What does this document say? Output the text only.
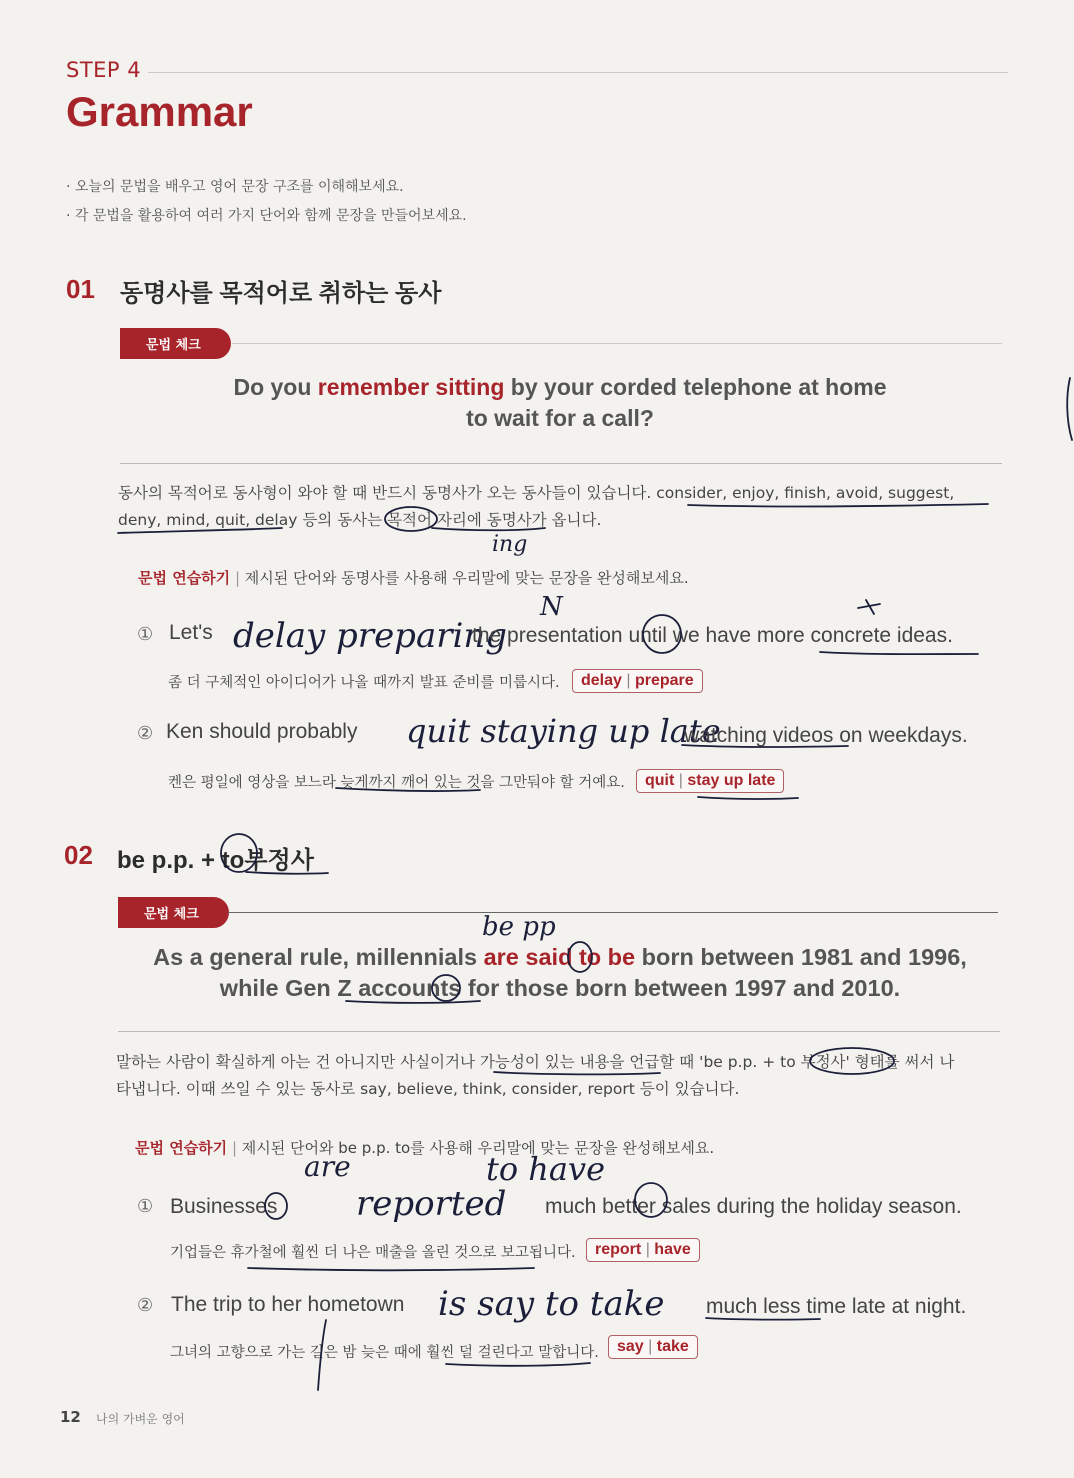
STEP 4
Grammar
· 오늘의 문법을 배우고 영어 문장 구조를 이해해보세요.
· 각 문법을 활용하여 여러 가지 단어와 함께 문장을 만들어보세요.
01 동명사를 목적어로 취하는 동사
문법 체크
Do you remember sitting by your corded telephone at home
to wait for a call?
동사의 목적어로 동사형이 와야 할 때 반드시 동명사가 오는 동사들이 있습니다. consider, enjoy, finish, avoid, suggest,
deny, mind, quit, delay 등의 동사는 목적어 자리에 동명사가 옵니다.
문법 연습하기 | 제시된 단어와 동명사를 사용해 우리말에 맞는 문장을 완성해보세요.
① Let's delay preparing
the presentation until we have more concrete ideas.
좀 더 구체적인 아이디어가 나올 때까지 발표 준비를 미룹시다.	delay | prepare
② Ken should probably quit staying up late
watching videos on weekdays.
켄은 평일에 영상을 보느라 늦게까지 깨어 있는 것을 그만둬야 할 거예요.	quit | stay up late
02 be p.p. + to부정사
문법 체크
As a general rule, millennials are said to be born between 1981 and 1996,
while Gen Z accounts for those born between 1997 and 2010.
말하는 사람이 확실하게 아는 건 아니지만 사실이거나 가능성이 있는 내용을 언급할 때 'be p.p. + to 부정사' 형태를 써서 나
타냅니다. 이때 쓰일 수 있는 동사로 say, believe, think, consider, report 등이 있습니다.
문법 연습하기 | 제시된 단어와 be p.p. to를 사용해 우리말에 맞는 문장을 완성해보세요.
① Businesses reported much better sales during the holiday season.
기업들은 휴가철에 훨씬 더 나은 매출을 올린 것으로 보고됩니다.	report | have
② The trip to her hometown is say to take much less time late at night.
그녀의 고향으로 가는 길은 밤 늦은 때에 훨씬 덜 걸린다고 말합니다.	say | take
ing
N
be pp
are	to have
12 나의 가벼운 영어
